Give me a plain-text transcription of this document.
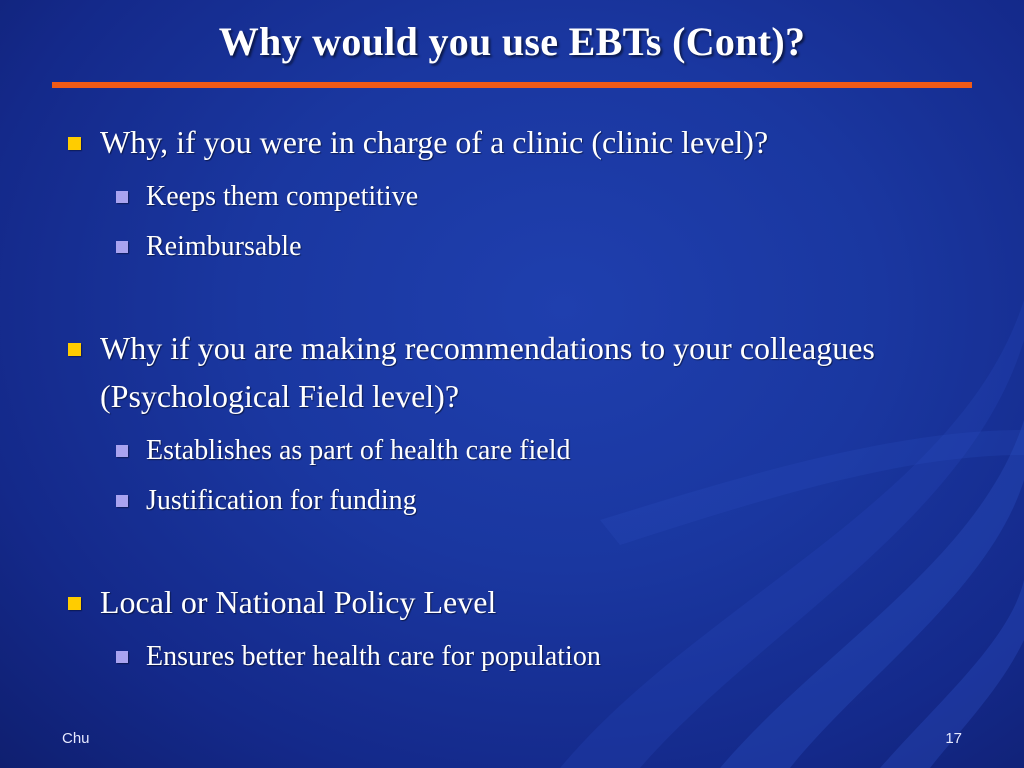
Why would you use EBTs (Cont)?
Why, if you were in charge of a clinic (clinic level)?
Keeps them competitive
Reimbursable
Why if you are making recommendations to your colleagues (Psychological Field level)?
Establishes as part of health care field
Justification for funding
Local or National Policy Level
Ensures better health care for population
Chu	17
